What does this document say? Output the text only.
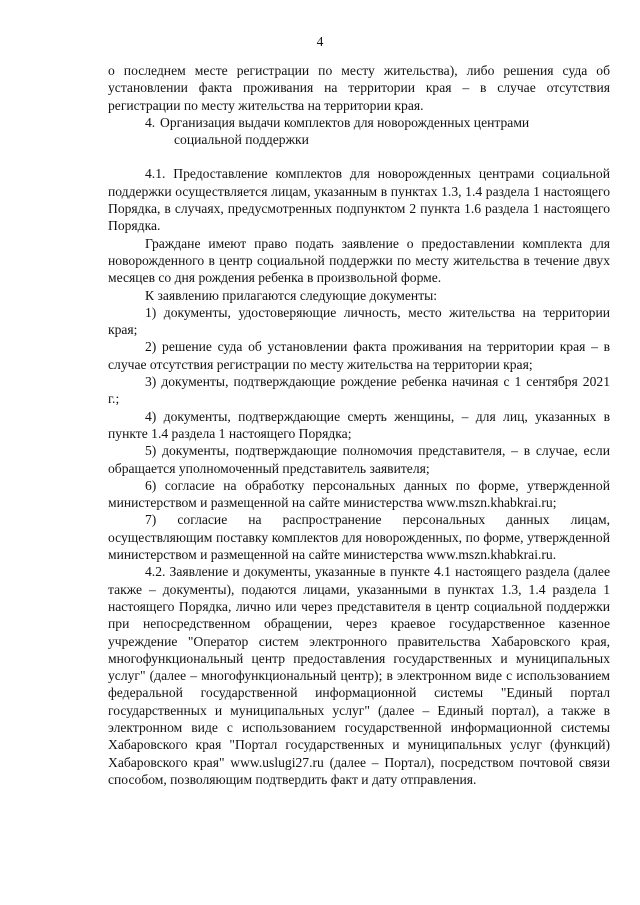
4

о последнем месте регистрации по месту жительства), либо решения суда об установлении факта проживания на территории края – в случае отсутствия регистрации по месту жительства на территории края.

4. Организация выдачи комплектов для новорожденных центрами
социальной поддержки

4.1. Предоставление комплектов для новорожденных центрами социальной поддержки осуществляется лицам, указанным в пунктах 1.3, 1.4 раздела 1 настоящего Порядка, в случаях, предусмотренных подпунктом 2 пункта 1.6 раздела 1 настоящего Порядка.

Граждане имеют право подать заявление о предоставлении комплекта для новорожденного в центр социальной поддержки по месту жительства в течение двух месяцев со дня рождения ребенка в произвольной форме.

К заявлению прилагаются следующие документы:

1) документы, удостоверяющие личность, место жительства на территории края;

2) решение суда об установлении факта проживания на территории края – в случае отсутствия регистрации по месту жительства на территории края;

3) документы, подтверждающие рождение ребенка начиная с 1 сентября 2021 г.;

4) документы, подтверждающие смерть женщины, – для лиц, указанных в пункте 1.4 раздела 1 настоящего Порядка;

5) документы, подтверждающие полномочия представителя, – в случае, если обращается уполномоченный представитель заявителя;

6) согласие на обработку персональных данных по форме, утвержденной министерством и размещенной на сайте министерства www.mszn.khabkrai.ru;

7) согласие на распространение персональных данных лицам, осуществляющим поставку комплектов для новорожденных, по форме, утвержденной министерством и размещенной на сайте министерства www.mszn.khabkrai.ru.

4.2. Заявление и документы, указанные в пункте 4.1 настоящего раздела (далее также – документы), подаются лицами, указанными в пунктах 1.3, 1.4 раздела 1 настоящего Порядка, лично или через представителя в центр социальной поддержки при непосредственном обращении, через краевое государственное казенное учреждение "Оператор систем электронного правительства Хабаровского края, многофункциональный центр предоставления государственных и муниципальных услуг" (далее – многофункциональный центр); в электронном виде с использованием федеральной государственной информационной системы "Единый портал государственных и муниципальных услуг" (далее – Единый портал), а также в электронном виде с использованием государственной информационной системы Хабаровского края "Портал государственных и муниципальных услуг (функций) Хабаровского края" www.uslugi27.ru (далее – Портал), посредством почтовой связи способом, позволяющим подтвердить факт и дату отправления.
